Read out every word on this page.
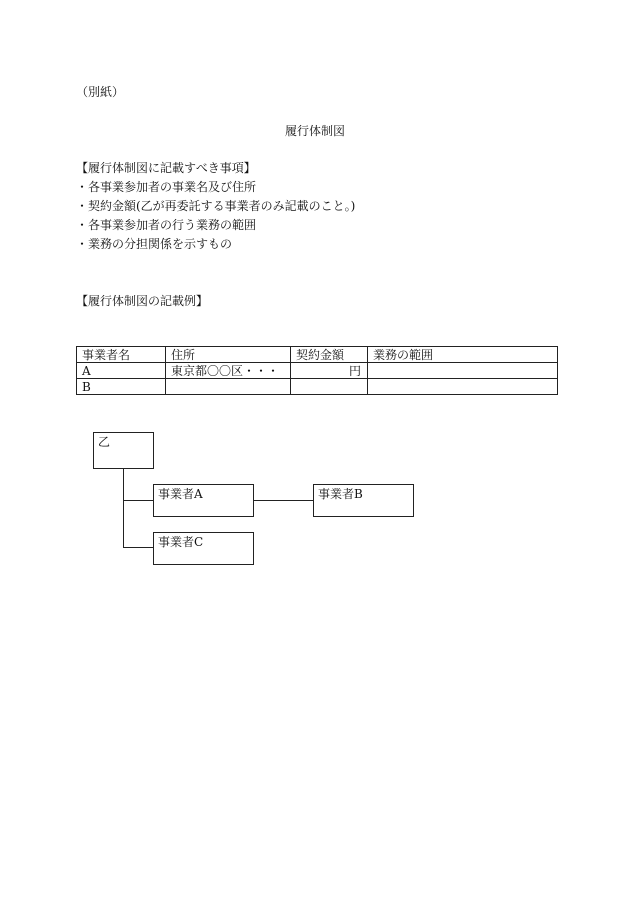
（別紙）
履行体制図
【履行体制図に記載すべき事項】
・各事業参加者の事業名及び住所
・契約金額(乙が再委託する事業者のみ記載のこと。)
・各事業参加者の行う業務の範囲
・業務の分担関係を示すもの
【履行体制図の記載例】
事業者名	住所	契約金額	業務の範囲
A	東京都〇〇区・・・	円	
B			
乙
事業者A	事業者B
事業者C
